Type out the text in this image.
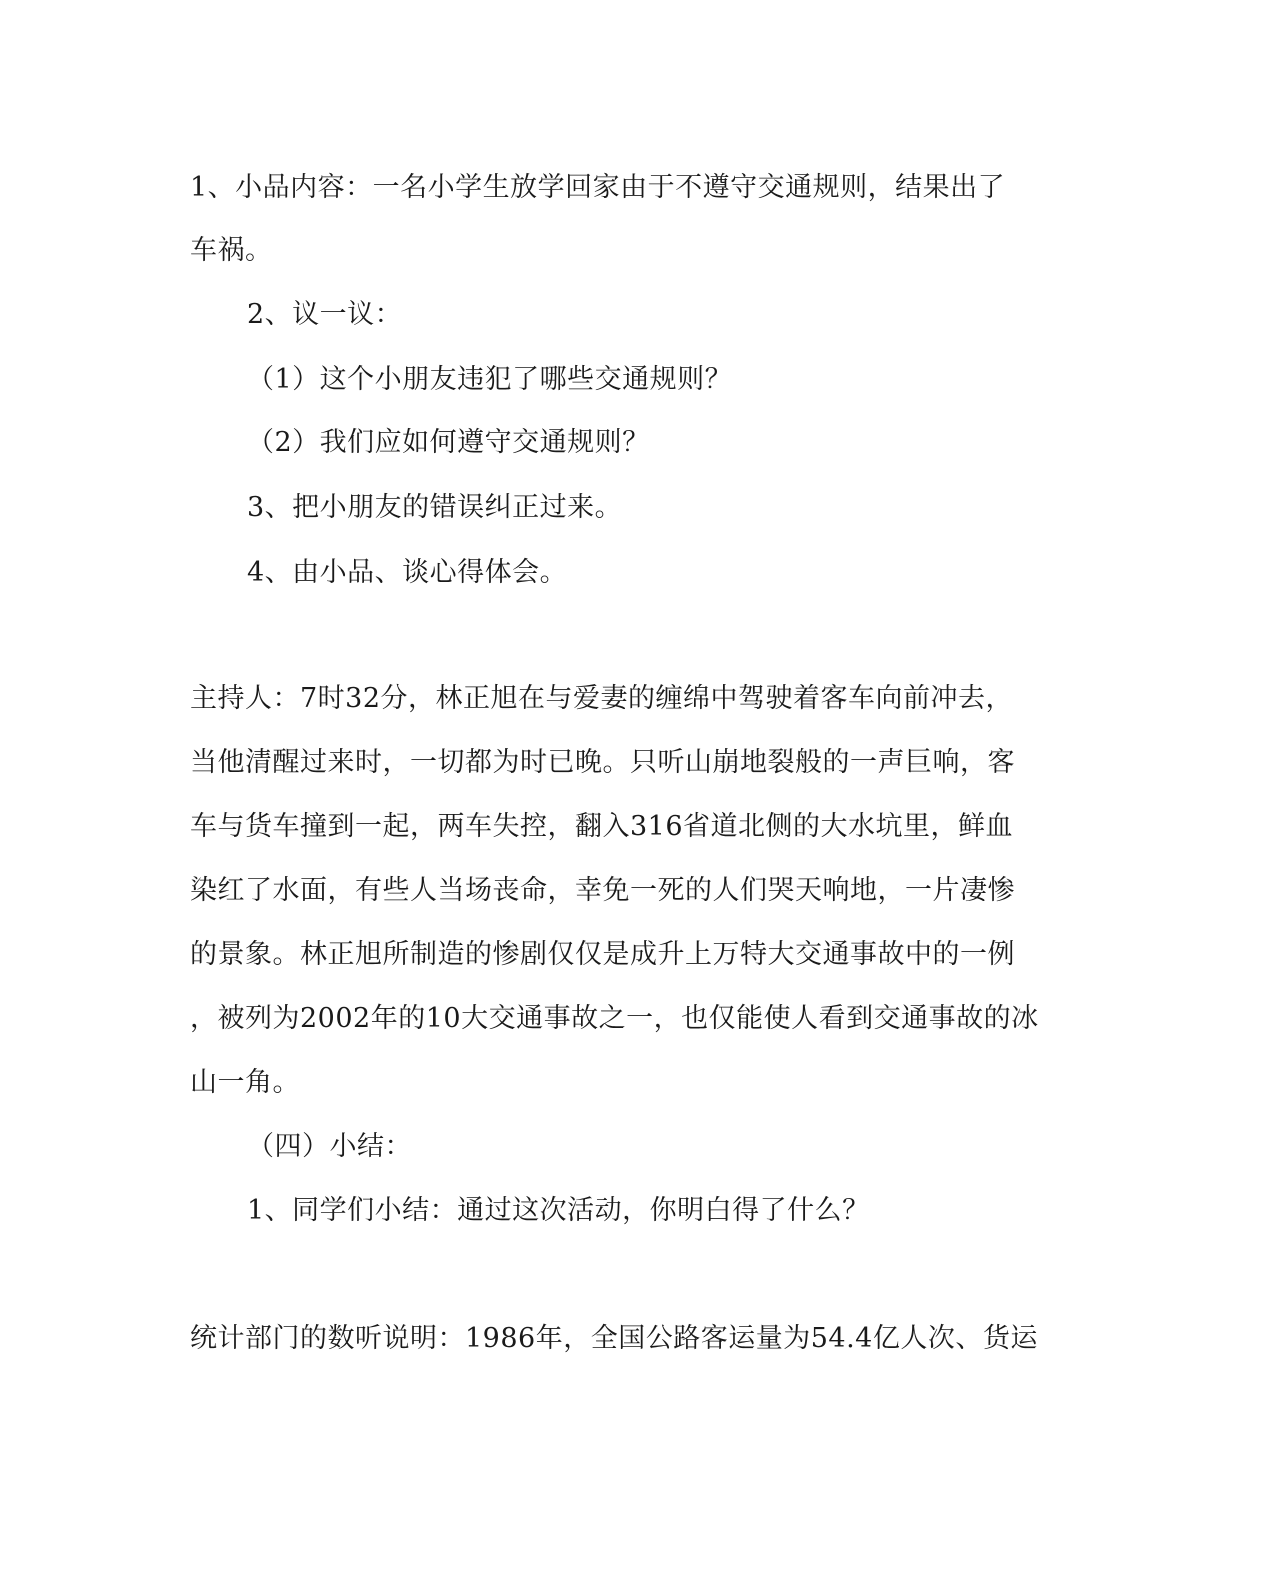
1、小品内容：一名小学生放学回家由于不遵守交通规则，结果出了
车祸。
2、议一议：
（1）这个小朋友违犯了哪些交通规则？
（2）我们应如何遵守交通规则？
3、把小朋友的错误纠正过来。
4、由小品、谈心得体会。
主持人：7时32分，林正旭在与爱妻的缠绵中驾驶着客车向前冲去，
当他清醒过来时，一切都为时已晚。只听山崩地裂般的一声巨响，客
车与货车撞到一起，两车失控，翻入316省道北侧的大水坑里，鲜血
染红了水面，有些人当场丧命，幸免一死的人们哭天响地，一片凄惨
的景象。林正旭所制造的惨剧仅仅是成升上万特大交通事故中的一例
，被列为2002年的10大交通事故之一，也仅能使人看到交通事故的冰
山一角。
（四）小结：
1、同学们小结：通过这次活动，你明白得了什么？
统计部门的数听说明：1986年，全国公路客运量为54.4亿人次、货运
